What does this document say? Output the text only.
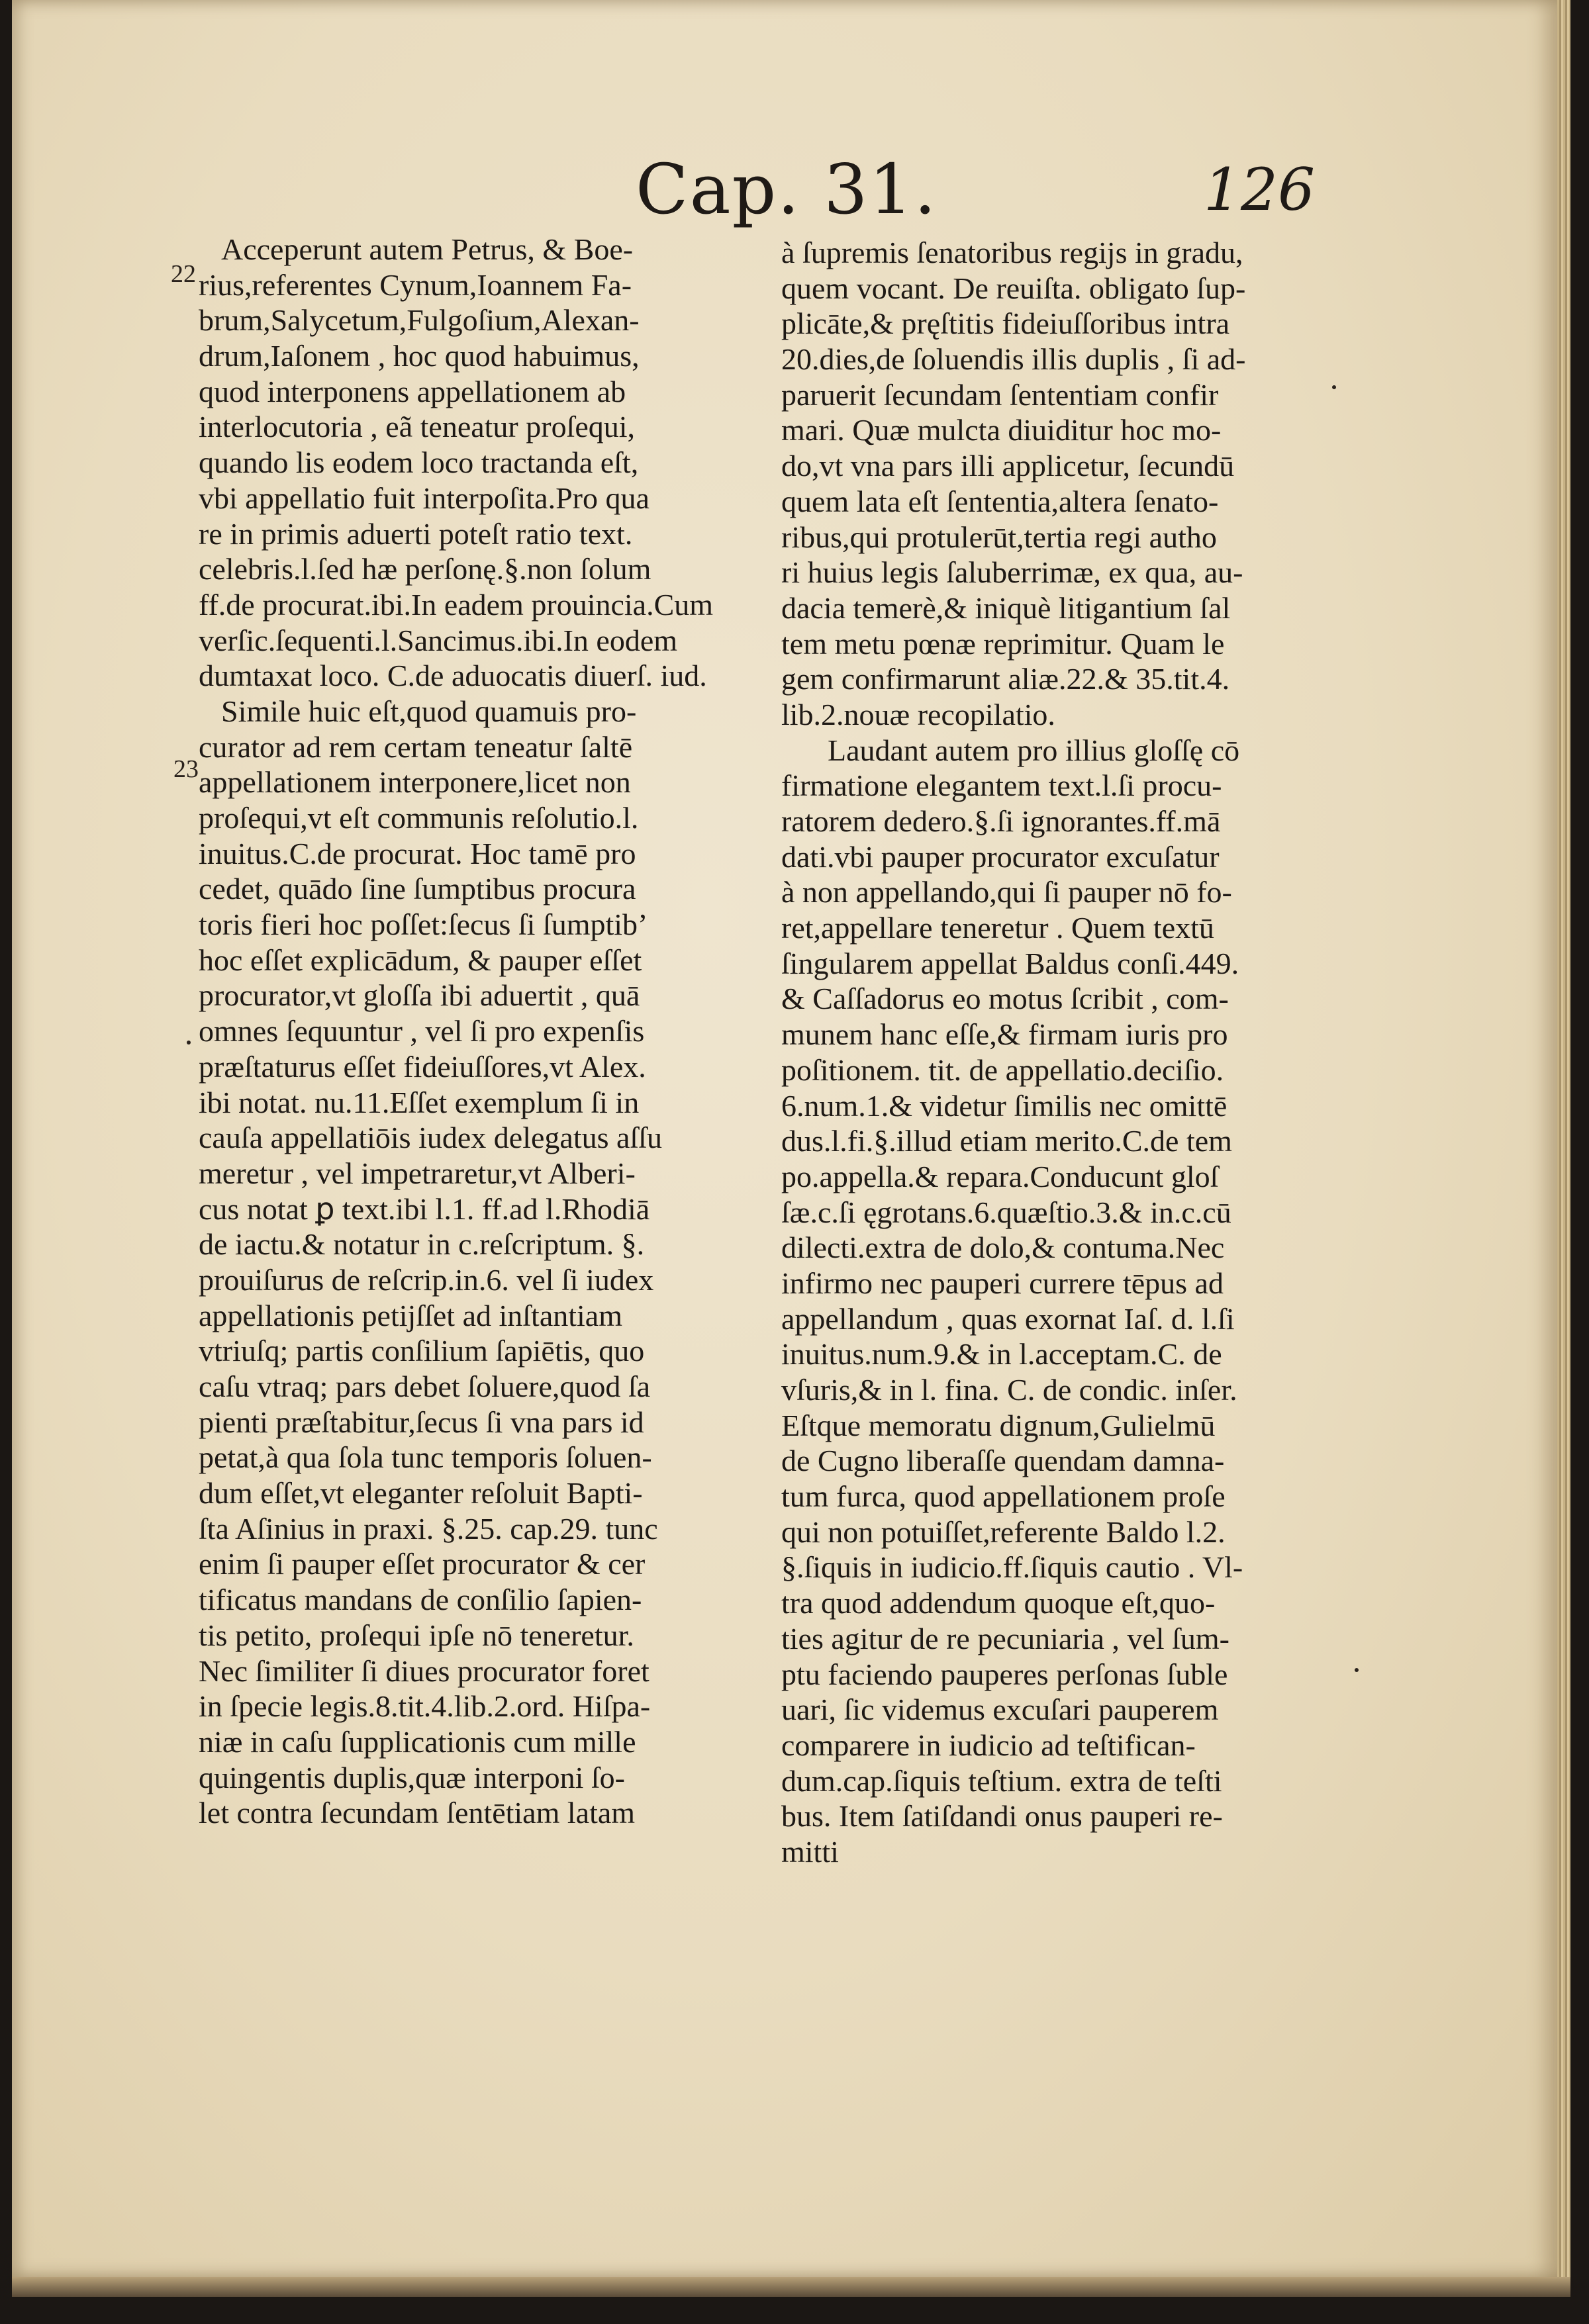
Cap. 31.	126
22
23
Acceperunt autem Petrus, & Boe-
rius,referentes Cynum,Ioannem Fa-
brum,Salycetum,Fulgoſium,Alexan-
drum,Iaſonem , hoc quod habuimus,
quod interponens appellationem ab
interlocutoria , eã teneatur proſequi,
quando lis eodem loco tractanda eſt,
vbi appellatio fuit interpoſita.Pro qua
re in primis aduerti poteſt ratio text.
celebris.l.ſed hæ perſonę.§.non ſolum
ff.de procurat.ibi.In eadem prouincia.Cum
verſic.ſequenti.l.Sancimus.ibi.In eodem
dumtaxat loco. C.de aduocatis diuerſ. iud.
Simile huic eſt,quod quamuis pro-
curator ad rem certam teneatur ſaltē
appellationem interponere,licet non
proſequi,vt eſt communis reſolutio.l.
inuitus.C.de procurat. Hoc tamē pro
cedet, quādo ſine ſumptibus procura
toris fieri hoc poſſet:ſecus ſi ſumptib’
hoc eſſet explicādum, & pauper eſſet
procurator,vt gloſſa ibi aduertit , quā
omnes ſequuntur , vel ſi pro expenſis
præſtaturus eſſet fideiuſſores,vt Alex.
ibi notat. nu.11.Eſſet exemplum ſi in
cauſa appellatiōis iudex delegatus aſſu
meretur , vel impetraretur,vt Alberi-
cus notat ꝑ text.ibi l.1. ff.ad l.Rhodiā
de iactu.& notatur in c.reſcriptum. §.
prouiſurus de reſcrip.in.6. vel ſi iudex
appellationis petijſſet ad inſtantiam
vtriuſq; partis conſilium ſapiētis, quo
caſu vtraq; pars debet ſoluere,quod ſa
pienti præſtabitur,ſecus ſi vna pars id
petat,à qua ſola tunc temporis ſoluen-
dum eſſet,vt eleganter reſoluit Bapti-
ſta Aſinius in praxi. §.25. cap.29. tunc
enim ſi pauper eſſet procurator & cer
tificatus mandans de conſilio ſapien-
tis petito, proſequi ipſe nō teneretur.
Nec ſimiliter ſi diues procurator foret
in ſpecie legis.8.tit.4.lib.2.ord. Hiſpa-
niæ in caſu ſupplicationis cum mille
quingentis duplis,quæ interponi ſo-
let contra ſecundam ſentētiam latam
à ſupremis ſenatoribus regijs in gradu,
quem vocant. De reuiſta. obligato ſup-
plicāte,& pręſtitis fideiuſſoribus intra
20.dies,de ſoluendis illis duplis , ſi ad-
paruerit ſecundam ſententiam confir
mari. Quæ mulcta diuiditur hoc mo-
do,vt vna pars illi applicetur, ſecundū
quem lata eſt ſententia,altera ſenato-
ribus,qui protulerūt,tertia regi autho
ri huius legis ſaluberrimæ, ex qua, au-
dacia temerè,& iniquè litigantium ſal
tem metu pœnæ reprimitur. Quam le
gem confirmarunt aliæ.22.& 35.tit.4.
lib.2.nouæ recopilatio.
Laudant autem pro illius gloſſę cō
firmatione elegantem text.l.ſi procu-
ratorem dedero.§.ſi ignorantes.ff.mā
dati.vbi pauper procurator excuſatur
à non appellando,qui ſi pauper nō fo-
ret,appellare teneretur . Quem textū
ſingularem appellat Baldus conſi.449.
& Caſſadorus eo motus ſcribit , com-
munem hanc eſſe,& firmam iuris pro
poſitionem. tit. de appellatio.deciſio.
6.num.1.& videtur ſimilis nec omittē
dus.l.fi.§.illud etiam merito.C.de tem
po.appella.& repara.Conducunt gloſ
ſæ.c.ſi ęgrotans.6.quæſtio.3.& in.c.cū
dilecti.extra de dolo,& contuma.Nec
infirmo nec pauperi currere tēpus ad
appellandum , quas exornat Iaſ. d. l.ſi
inuitus.num.9.& in l.acceptam.C. de
vſuris,& in l. fina. C. de condic. inſer.
Eſtque memoratu dignum,Gulielmū
de Cugno liberaſſe quendam damna-
tum furca, quod appellationem proſe
qui non potuiſſet,referente Baldo l.2.
§.ſiquis in iudicio.ff.ſiquis cautio . Vl-
tra quod addendum quoque eſt,quo-
ties agitur de re pecuniaria , vel ſum-
ptu faciendo pauperes perſonas ſuble
uari, ſic videmus excuſari pauperem
comparere in iudicio ad teſtifican-
dum.cap.ſiquis teſtium. extra de teſti
bus. Item ſatiſdandi onus pauperi re-
mitti
